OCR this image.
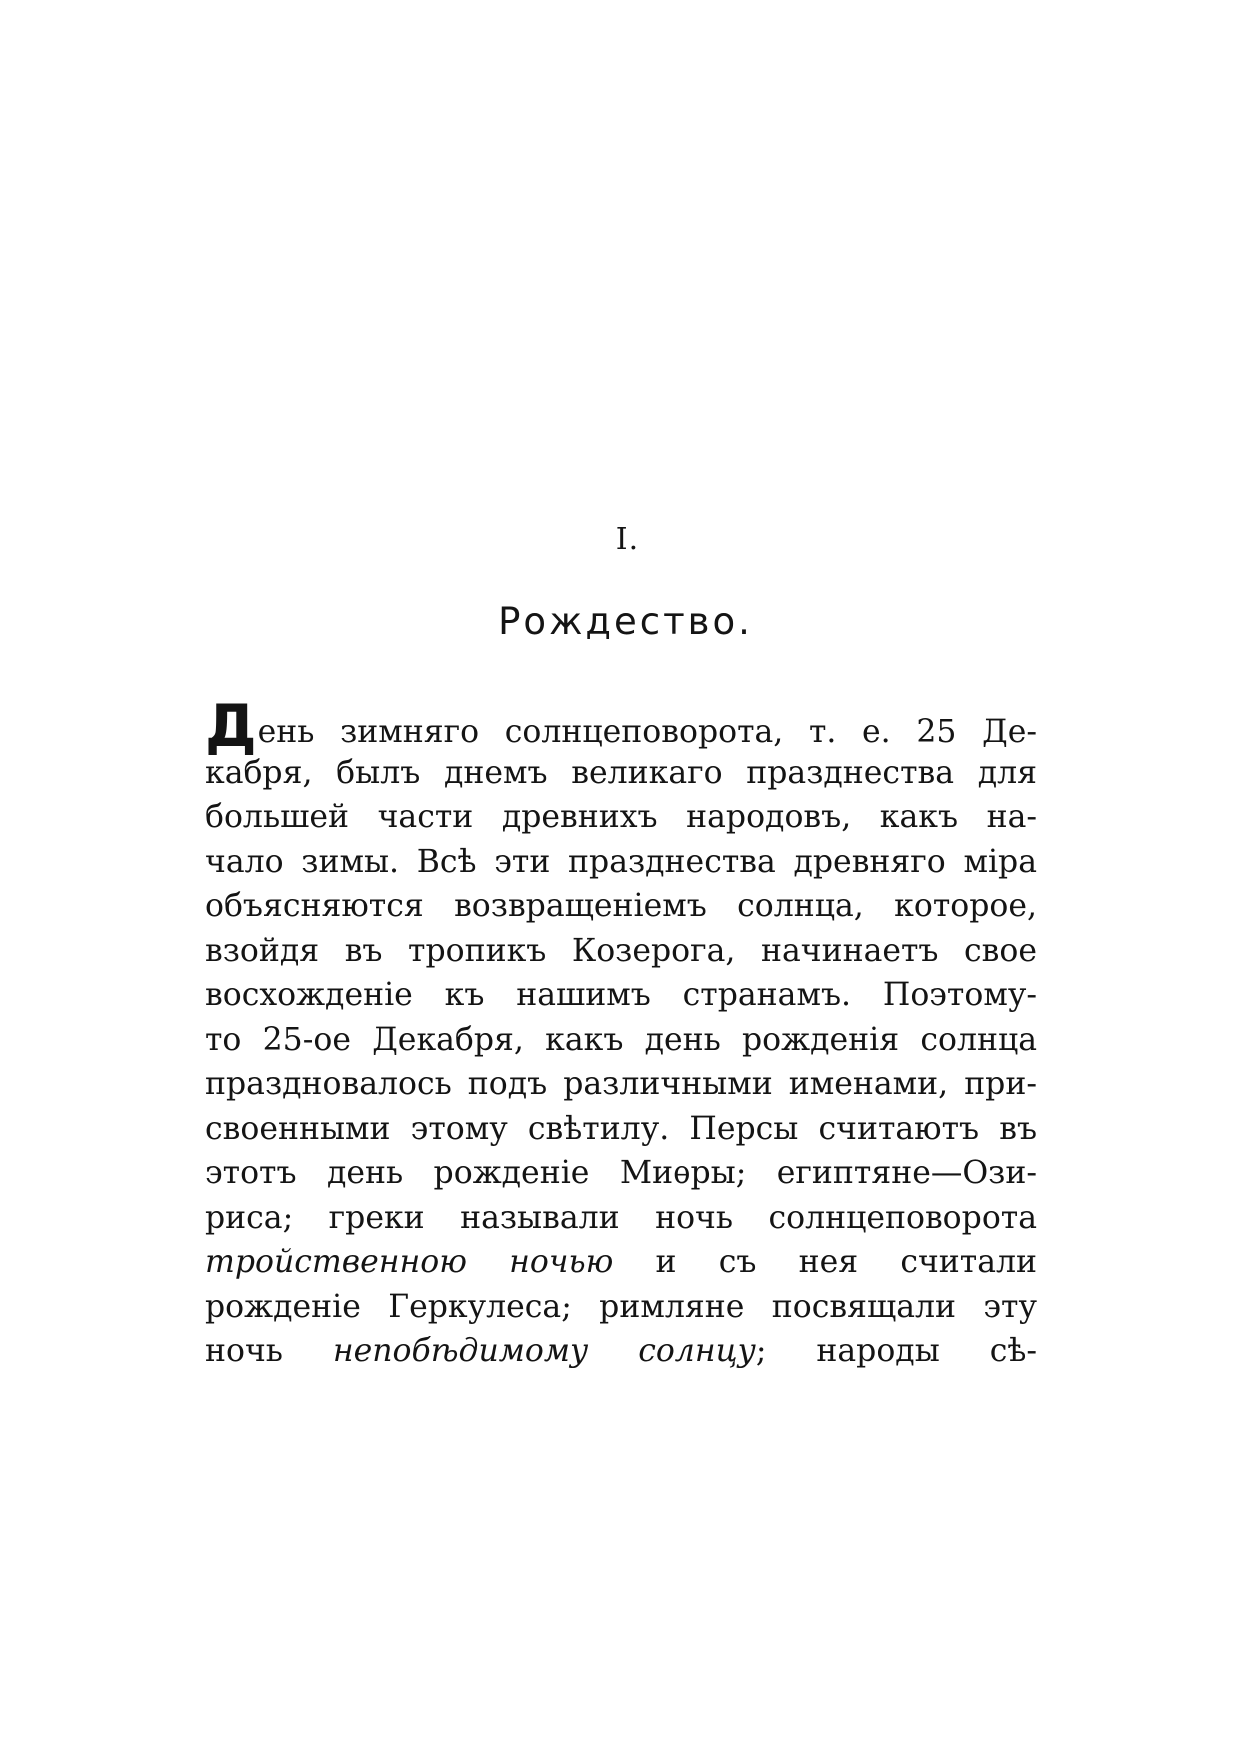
I.
Рождество.
День зимняго солнцеповорота, т. е. 25 Де-
кабря, былъ днемъ великаго празднества для
большей части древнихъ народовъ, какъ на-
чало зимы. Всѣ эти празднества древняго міра
объясняются возвращеніемъ солнца, которое,
взойдя въ тропикъ Козерога, начинаетъ свое
восхожденіе къ нашимъ странамъ. Поэтому-
то 25-ое Декабря, какъ день рожденія солнца
праздновалось подъ различными именами, при-
своенными этому свѣтилу. Персы считаютъ въ
этотъ день рожденіе Миѳры; египтяне—Ози-
риса; греки называли ночь солнцеповорота
тройственною ночью и съ нея считали
рожденіе Геркулеса; римляне посвящали эту
ночь непобѣдимому солнцу; народы сѣ-
